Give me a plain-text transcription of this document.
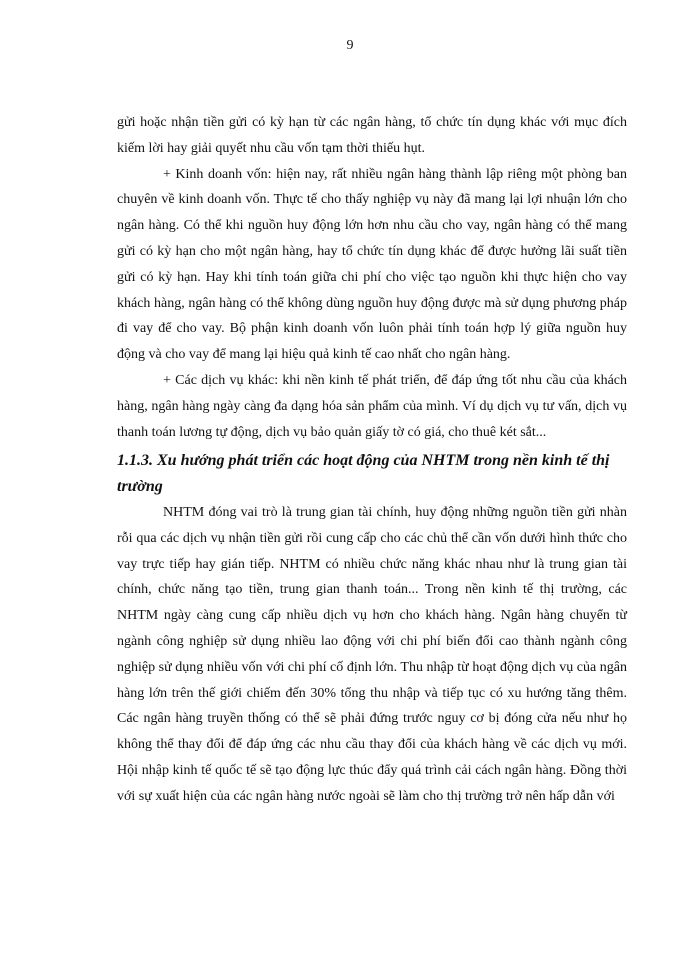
9

gửi hoặc nhận tiền gửi có kỳ hạn từ các ngân hàng, tổ chức tín dụng khác với mục đích kiếm lời hay giải quyết nhu cầu vốn tạm thời thiếu hụt.

+ Kinh doanh vốn: hiện nay, rất nhiều ngân hàng thành lập riêng một phòng ban chuyên về kinh doanh vốn. Thực tế cho thấy nghiệp vụ này đã mang lại lợi nhuận lớn cho ngân hàng. Có thể khi nguồn huy động lớn hơn nhu cầu cho vay, ngân hàng có thể mang gửi có kỳ hạn cho một ngân hàng, hay tổ chức tín dụng khác để được hưởng lãi suất tiền gửi có kỳ hạn. Hay khi tính toán giữa chi phí cho việc tạo nguồn khi thực hiện cho vay khách hàng, ngân hàng có thể không dùng nguồn huy động được mà sử dụng phương pháp đi vay để cho vay. Bộ phận kinh doanh vốn luôn phải tính toán hợp lý giữa nguồn huy động và cho vay để mang lại hiệu quả kinh tế cao nhất cho ngân hàng.

+ Các dịch vụ khác: khi nền kinh tế phát triển, để đáp ứng tốt nhu cầu của khách hàng, ngân hàng ngày càng đa dạng hóa sản phẩm của mình. Ví dụ dịch vụ tư vấn, dịch vụ thanh toán lương tự động, dịch vụ bảo quản giấy tờ có giá, cho thuê két sắt...

1.1.3. Xu hướng phát triển các hoạt động của NHTM trong nền kinh tế thị trường

NHTM đóng vai trò là trung gian tài chính, huy động những nguồn tiền gửi nhàn rỗi qua các dịch vụ nhận tiền gửi rồi cung cấp cho các chủ thể cần vốn dưới hình thức cho vay trực tiếp hay gián tiếp. NHTM có nhiều chức năng khác nhau như là trung gian tài chính, chức năng tạo tiền, trung gian thanh toán... Trong nền kinh tế thị trường, các NHTM ngày càng cung cấp nhiều dịch vụ hơn cho khách hàng. Ngân hàng chuyển từ ngành công nghiệp sử dụng nhiều lao động với chi phí biến đổi cao thành ngành công nghiệp sử dụng nhiều vốn với chi phí cố định lớn. Thu nhập từ hoạt động dịch vụ của ngân hàng lớn trên thế giới chiếm đến 30% tổng thu nhập và tiếp tục có xu hướng tăng thêm. Các ngân hàng truyền thống có thể sẽ phải đứng trước nguy cơ bị đóng cửa nếu như họ không thể thay đổi để đáp ứng các nhu cầu thay đổi của khách hàng về các dịch vụ mới. Hội nhập kinh tế quốc tế sẽ tạo động lực thúc đẩy quá trình cải cách ngân hàng. Đồng thời với sự xuất hiện của các ngân hàng nước ngoài sẽ làm cho thị trường trở nên hấp dẫn với
